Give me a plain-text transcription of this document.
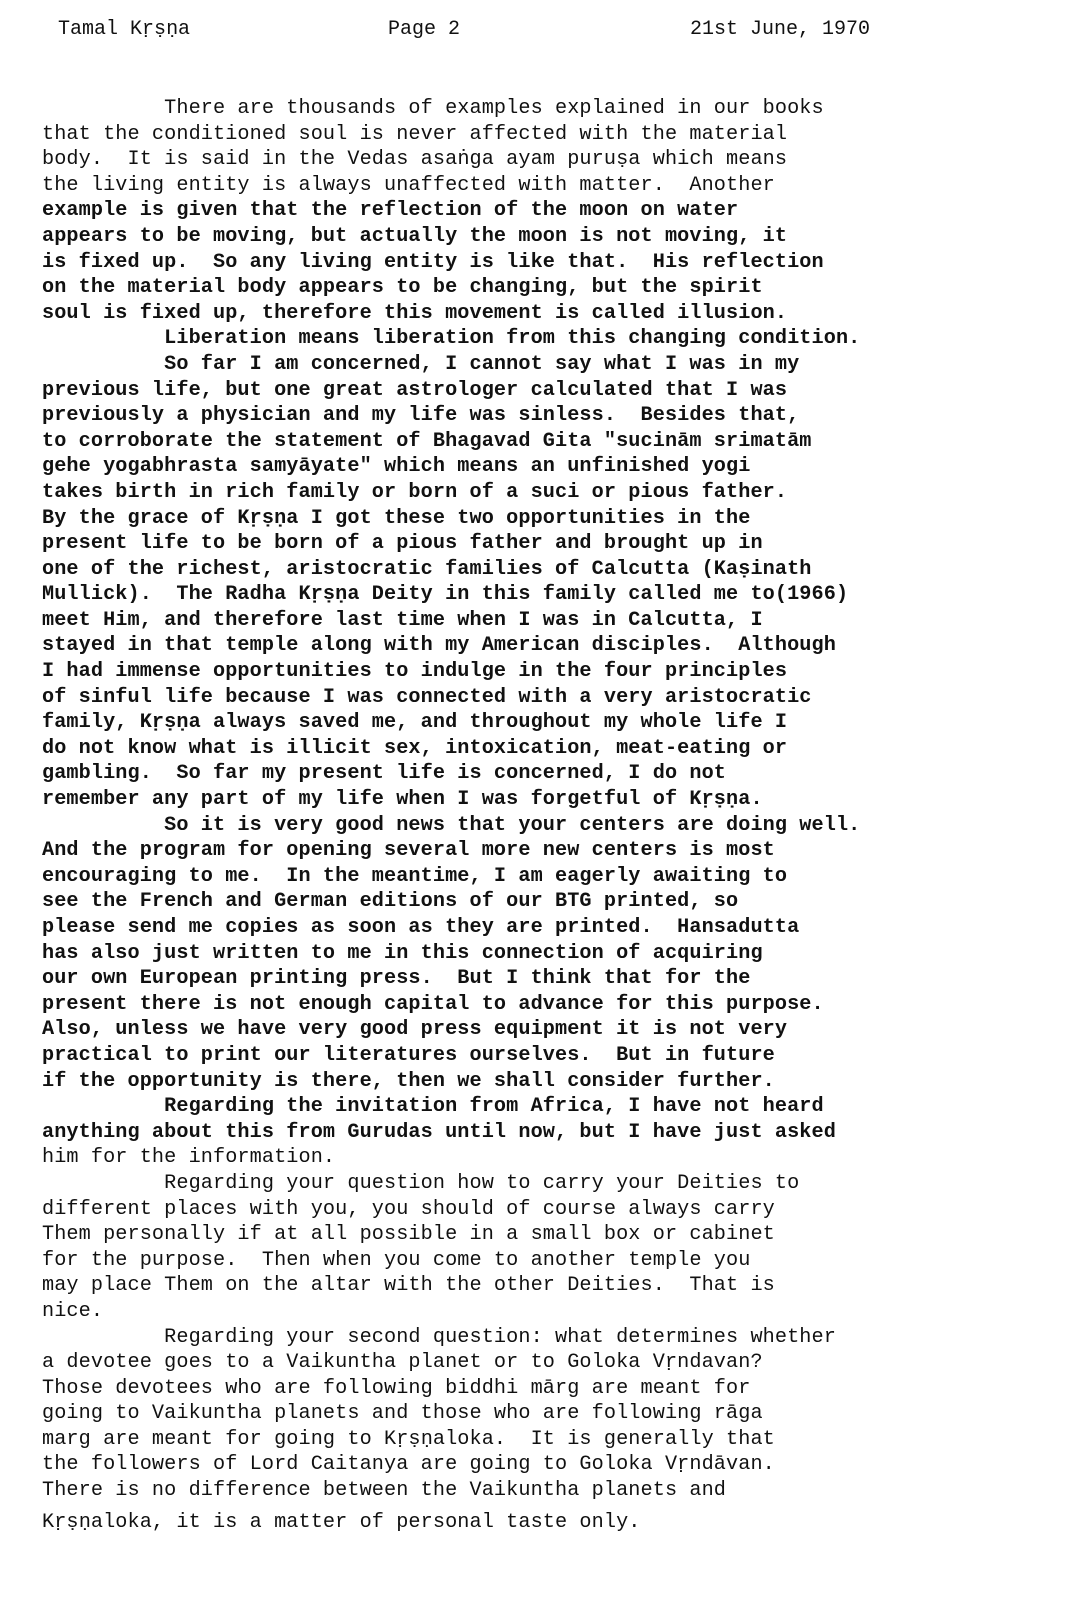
Tamal Kṛṣṇa	Page 2	21st June, 1970
There are thousands of examples explained in our books
that the conditioned soul is never affected with the material
body.  It is said in the Vedas asaṅga ayam puruṣa which means
the living entity is always unaffected with matter.  Another
example is given that the reflection of the moon on water
appears to be moving, but actually the moon is not moving, it
is fixed up.  So any living entity is like that.  His reflection
on the material body appears to be changing, but the spirit
soul is fixed up, therefore this movement is called illusion.
Liberation means liberation from this changing condition.
So far I am concerned, I cannot say what I was in my
previous life, but one great astrologer calculated that I was
previously a physician and my life was sinless.  Besides that,
to corroborate the statement of Bhagavad Gita "sucinām srimatām
gehe yogabhrasta samyāyate" which means an unfinished yogi
takes birth in rich family or born of a suci or pious father.
By the grace of Kṛṣṇa I got these two opportunities in the
present life to be born of a pious father and brought up in
one of the richest, aristocratic families of Calcutta (Kaṣinath
Mullick).  The Radha Kṛṣṇa Deity in this family called me to(1966)
meet Him, and therefore last time when I was in Calcutta, I
stayed in that temple along with my American disciples.  Although
I had immense opportunities to indulge in the four principles
of sinful life because I was connected with a very aristocratic
family, Kṛṣṇa always saved me, and throughout my whole life I
do not know what is illicit sex, intoxication, meat-eating or
gambling.  So far my present life is concerned, I do not
remember any part of my life when I was forgetful of Kṛṣṇa.
So it is very good news that your centers are doing well.
And the program for opening several more new centers is most
encouraging to me.  In the meantime, I am eagerly awaiting to
see the French and German editions of our BTG printed, so
please send me copies as soon as they are printed.  Hansadutta
has also just written to me in this connection of acquiring
our own European printing press.  But I think that for the
present there is not enough capital to advance for this purpose.
Also, unless we have very good press equipment it is not very
practical to print our literatures ourselves.  But in future
if the opportunity is there, then we shall consider further.
Regarding the invitation from Africa, I have not heard
anything about this from Gurudas until now, but I have just asked
him for the information.
Regarding your question how to carry your Deities to
different places with you, you should of course always carry
Them personally if at all possible in a small box or cabinet
for the purpose.  Then when you come to another temple you
may place Them on the altar with the other Deities.  That is
nice.
Regarding your second question: what determines whether
a devotee goes to a Vaikuntha planet or to Goloka Vṛndavan?
Those devotees who are following biddhi mārg are meant for
going to Vaikuntha planets and those who are following rāga
marg are meant for going to Kṛṣṇaloka.  It is generally that
the followers of Lord Caitanya are going to Goloka Vṛndāvan.
There is no difference between the Vaikuntha planets and
Kṛṣṇaloka, it is a matter of personal taste only.
